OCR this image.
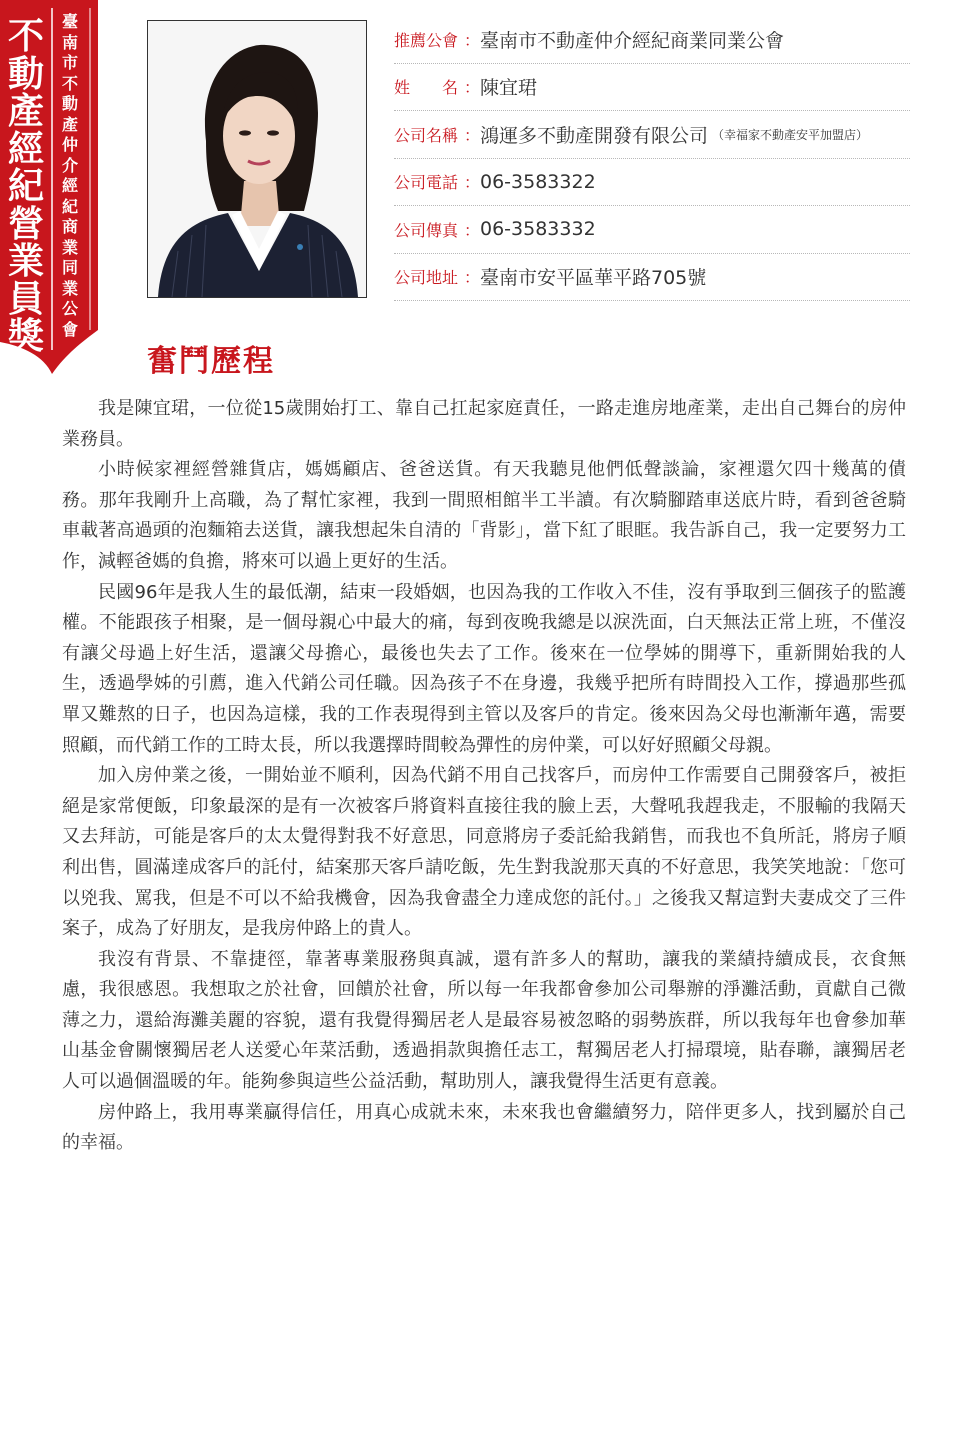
不動產經紀營業員獎
臺南市不動產仲介經紀商業同業公會
推薦公會 ： 臺南市不動產仲介經紀商業同業公會
姓　　名 ： 陳宜珺
公司名稱 ： 鴻運多不動產開發有限公司 （幸福家不動產安平加盟店）
公司電話 ： 06-3583322
公司傳真 ： 06-3583332
公司地址 ： 臺南市安平區華平路705號
奮鬥歷程

我是陳宜珺，一位從15歲開始打工、靠自己扛起家庭責任，一路走進房地產業，走出自己舞台的房仲業務員。

小時候家裡經營雜貨店，媽媽顧店、爸爸送貨。有天我聽見他們低聲談論，家裡還欠四十幾萬的債務。那年我剛升上高職，為了幫忙家裡，我到一間照相館半工半讀。有次騎腳踏車送底片時，看到爸爸騎車載著高過頭的泡麵箱去送貨，讓我想起朱自清的「背影」，當下紅了眼眶。我告訴自己，我一定要努力工作，減輕爸媽的負擔，將來可以過上更好的生活。

民國96年是我人生的最低潮，結束一段婚姻，也因為我的工作收入不佳，沒有爭取到三個孩子的監護權。不能跟孩子相聚，是一個母親心中最大的痛，每到夜晚我總是以淚洗面，白天無法正常上班，不僅沒有讓父母過上好生活，還讓父母擔心，最後也失去了工作。後來在一位學姊的開導下，重新開始我的人生，透過學姊的引薦，進入代銷公司任職。因為孩子不在身邊，我幾乎把所有時間投入工作，撐過那些孤單又難熬的日子，也因為這樣，我的工作表現得到主管以及客戶的肯定。後來因為父母也漸漸年邁，需要照顧，而代銷工作的工時太長，所以我選擇時間較為彈性的房仲業，可以好好照顧父母親。

加入房仲業之後，一開始並不順利，因為代銷不用自己找客戶，而房仲工作需要自己開發客戶，被拒絕是家常便飯，印象最深的是有一次被客戶將資料直接往我的臉上丟，大聲吼我趕我走，不服輸的我隔天又去拜訪，可能是客戶的太太覺得對我不好意思，同意將房子委託給我銷售，而我也不負所託，將房子順利出售，圓滿達成客戶的託付，結案那天客戶請吃飯，先生對我說那天真的不好意思，我笑笑地說：「您可以兇我、罵我，但是不可以不給我機會，因為我會盡全力達成您的託付。」之後我又幫這對夫妻成交了三件案子，成為了好朋友，是我房仲路上的貴人。

我沒有背景、不靠捷徑，靠著專業服務與真誠，還有許多人的幫助，讓我的業績持續成長，衣食無慮，我很感恩。我想取之於社會，回饋於社會，所以每一年我都會參加公司舉辦的淨灘活動，貢獻自己微薄之力，還給海灘美麗的容貌，還有我覺得獨居老人是最容易被忽略的弱勢族群，所以我每年也會參加華山基金會關懷獨居老人送愛心年菜活動，透過捐款與擔任志工，幫獨居老人打掃環境，貼春聯，讓獨居老人可以過個溫暖的年。能夠參與這些公益活動，幫助別人，讓我覺得生活更有意義。

房仲路上，我用專業贏得信任，用真心成就未來，未來我也會繼續努力，陪伴更多人，找到屬於自己的幸福。
